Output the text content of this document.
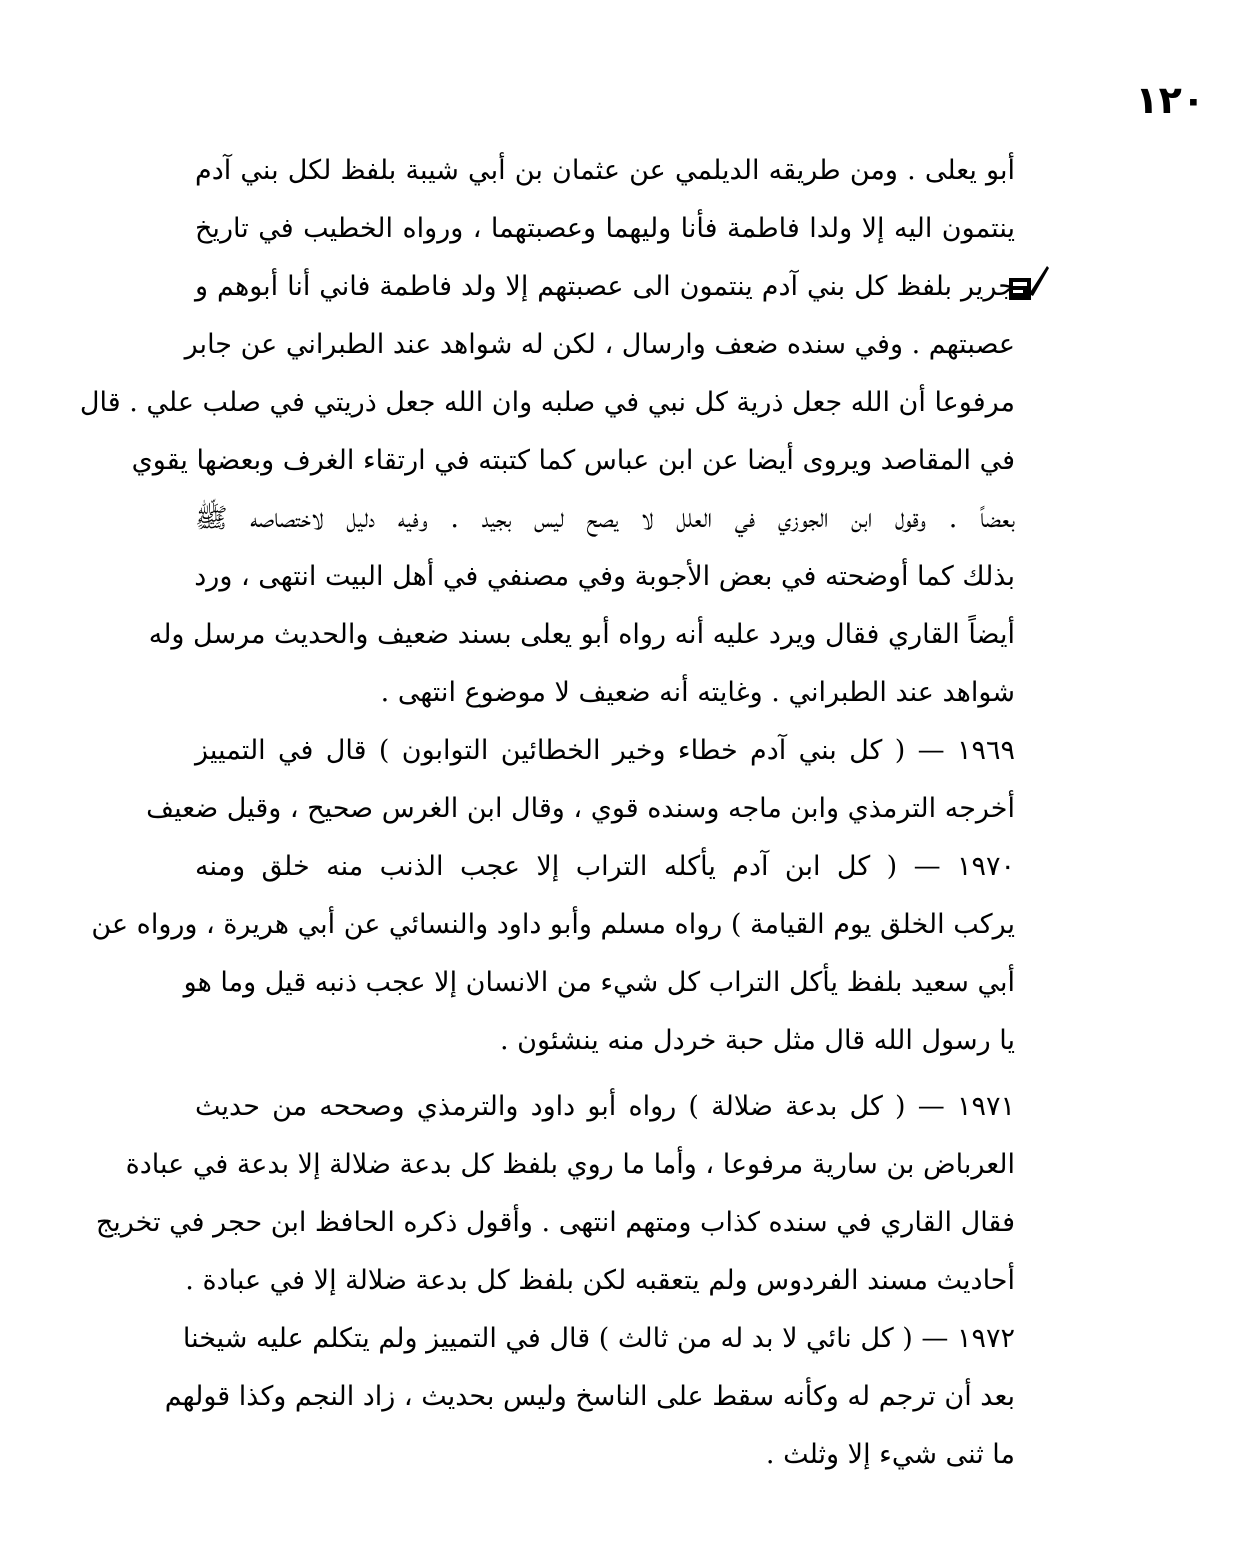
١٢٠
أبو يعلى . ومن طريقه الديلمي عن عثمان بن أبي شيبة بلفظ لكل بني آدم
ينتمون اليه إلا ولدا فاطمة فأنا وليهما وعصبتهما ، ورواه الخطيب في تاريخ
جرير بلفظ كل بني آدم ينتمون الى عصبتهم إلا ولد فاطمة فاني أنا أبوهم و
عصبتهم . وفي سنده ضعف وارسال ، لكن له شواهد عند الطبراني عن جابر
مرفوعا أن الله جعل ذرية كل نبي في صلبه وان الله جعل ذريتي في صلب علي . قال
في المقاصد ويروى أيضا عن ابن عباس كما كتبته في ارتقاء الغرف وبعضها يقوي
بعضاً . وقول ابن الجوزي في العلل لا يصح ليس بجيد . وفيه دليل لاختصاصه ﷺ
بذلك كما أوضحته في بعض الأجوبة وفي مصنفي في أهل البيت انتهى ، ورد
أيضاً القاري فقال ويرد عليه أنه رواه أبو يعلى بسند ضعيف والحديث مرسل وله
شواهد عند الطبراني . وغايته أنه ضعيف لا موضوع انتهى .
١٩٦٩ — ( كل بني آدم خطاء وخير الخطائين التوابون ) قال في التمييز
أخرجه الترمذي وابن ماجه وسنده قوي ، وقال ابن الغرس صحيح ، وقيل ضعيف
١٩٧٠ — ( كل ابن آدم يأكله التراب إلا عجب الذنب منه خلق ومنه
يركب الخلق يوم القيامة ) رواه مسلم وأبو داود والنسائي عن أبي هريرة ، ورواه عن
أبي سعيد بلفظ يأكل التراب كل شيء من الانسان إلا عجب ذنبه قيل وما هو
يا رسول الله قال مثل حبة خردل منه ينشئون .
١٩٧١ — ( كل بدعة ضلالة ) رواه أبو داود والترمذي وصححه من حديث
العرباض بن سارية مرفوعا ، وأما ما روي بلفظ كل بدعة ضلالة إلا بدعة في عبادة
فقال القاري في سنده كذاب ومتهم انتهى . وأقول ذكره الحافظ ابن حجر في تخريج
أحاديث مسند الفردوس ولم يتعقبه لكن بلفظ كل بدعة ضلالة إلا في عبادة .
١٩٧٢ — ( كل نائي لا بد له من ثالث ) قال في التمييز ولم يتكلم عليه شيخنا
بعد أن ترجم له وكأنه سقط على الناسخ وليس بحديث ، زاد النجم وكذا قولهم
ما ثنى شيء إلا وثلث .
